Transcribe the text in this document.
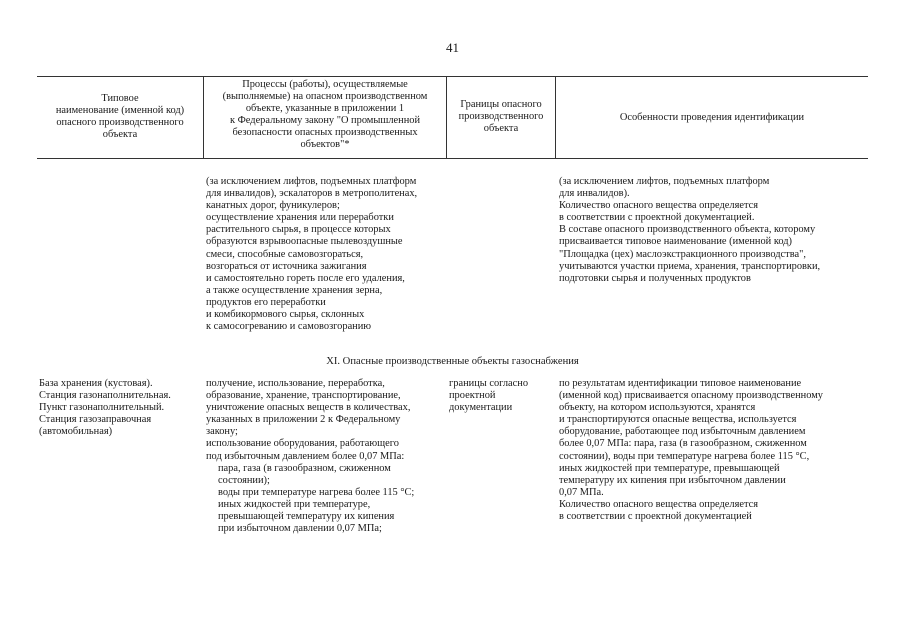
41
Типовое
наименование (именной код)
опасного производственного
объекта
Процессы (работы), осуществляемые
(выполняемые) на опасном производственном
объекте, указанные в приложении 1
к Федеральному закону "О промышленной
безопасности опасных производственных
объектов"*
Границы опасного
производственного
объекта
Особенности проведения идентификации
(за исключением лифтов, подъемных платформ
для инвалидов), эскалаторов в метрополитенах,
канатных дорог, фуникулеров;
осуществление хранения или переработки
растительного сырья, в процессе которых
образуются взрывоопасные пылевоздушные
смеси, способные самовозгораться,
возгораться от источника зажигания
и самостоятельно гореть после его удаления,
а также осуществление хранения зерна,
продуктов его переработки
и комбикормового сырья, склонных
к самосогреванию и самовозгоранию
(за исключением лифтов, подъемных платформ
для инвалидов).
Количество опасного вещества определяется
в соответствии с проектной документацией.
В составе опасного производственного объекта, которому
присваивается типовое наименование (именной код)
"Площадка (цех) маслоэкстракционного производства",
учитываются участки приема, хранения, транспортировки,
подготовки сырья и полученных продуктов
XI. Опасные производственные объекты газоснабжения
База хранения (кустовая).
Станция газонаполнительная.
Пункт газонаполнительный.
Станция газозаправочная
(автомобильная)
получение, использование, переработка,
образование, хранение, транспортирование,
уничтожение опасных веществ в количествах,
указанных в приложении 2 к Федеральному
закону;
использование оборудования, работающего
под избыточным давлением более 0,07 МПа:
пара, газа (в газообразном, сжиженном
состоянии);
воды при температуре нагрева более 115 °C;
иных жидкостей при температуре,
превышающей температуру их кипения
при избыточном давлении 0,07 МПа;
границы согласно
проектной
документации
по результатам идентификации типовое наименование
(именной код) присваивается опасному производственному
объекту, на котором используются, хранятся
и транспортируются опасные вещества, используется
оборудование, работающее под избыточным давлением
более 0,07 МПа: пара, газа (в газообразном, сжиженном
состоянии), воды при температуре нагрева более 115 °C,
иных жидкостей при температуре, превышающей
температуру их кипения при избыточном давлении
0,07 МПа.
Количество опасного вещества определяется
в соответствии с проектной документацией
